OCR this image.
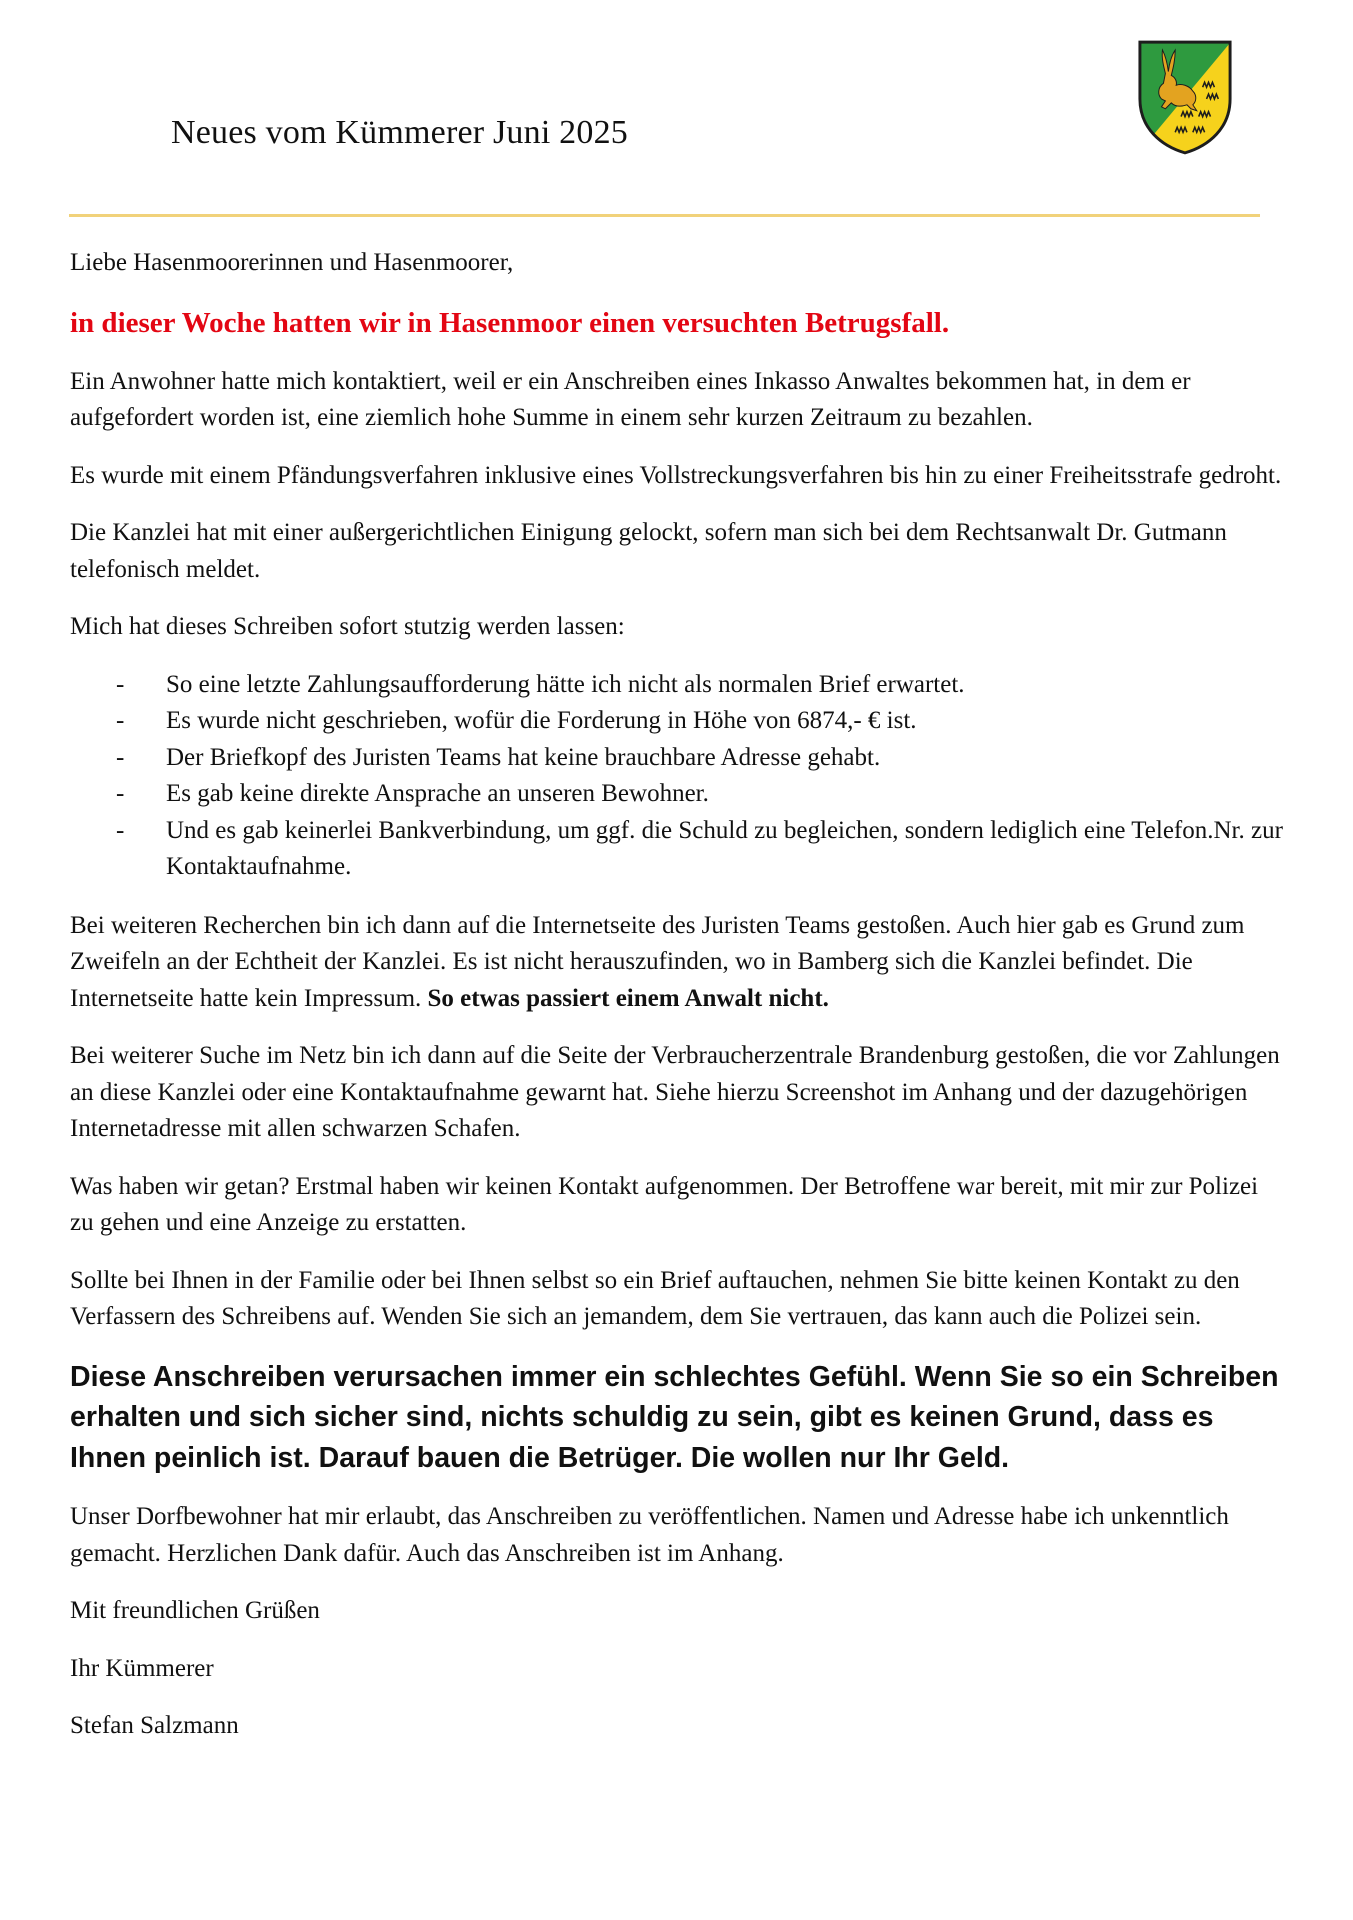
Neues vom Kümmerer Juni 2025

Liebe Hasenmoorerinnen und Hasenmoorer,

in dieser Woche hatten wir in Hasenmoor einen versuchten Betrugsfall.

Ein Anwohner hatte mich kontaktiert, weil er ein Anschreiben eines Inkasso Anwaltes bekommen hat, in dem er aufgefordert worden ist, eine ziemlich hohe Summe in einem sehr kurzen Zeitraum zu bezahlen.

Es wurde mit einem Pfändungsverfahren inklusive eines Vollstreckungsverfahren bis hin zu einer Freiheitsstrafe gedroht.

Die Kanzlei hat mit einer außergerichtlichen Einigung gelockt, sofern man sich bei dem Rechtsanwalt Dr. Gutmann telefonisch meldet.

Mich hat dieses Schreiben sofort stutzig werden lassen:

- So eine letzte Zahlungsaufforderung hätte ich nicht als normalen Brief erwartet.
- Es wurde nicht geschrieben, wofür die Forderung in Höhe von 6874,- € ist.
- Der Briefkopf des Juristen Teams hat keine brauchbare Adresse gehabt.
- Es gab keine direkte Ansprache an unseren Bewohner.
- Und es gab keinerlei Bankverbindung, um ggf. die Schuld zu begleichen, sondern lediglich eine Telefon.Nr. zur Kontaktaufnahme.

Bei weiteren Recherchen bin ich dann auf die Internetseite des Juristen Teams gestoßen. Auch hier gab es Grund zum Zweifeln an der Echtheit der Kanzlei. Es ist nicht herauszufinden, wo in Bamberg sich die Kanzlei befindet. Die Internetseite hatte kein Impressum. So etwas passiert einem Anwalt nicht.

Bei weiterer Suche im Netz bin ich dann auf die Seite der Verbraucherzentrale Brandenburg gestoßen, die vor Zahlungen an diese Kanzlei oder eine Kontaktaufnahme gewarnt hat. Siehe hierzu Screenshot im Anhang und der dazugehörigen Internetadresse mit allen schwarzen Schafen.

Was haben wir getan? Erstmal haben wir keinen Kontakt aufgenommen. Der Betroffene war bereit, mit mir zur Polizei zu gehen und eine Anzeige zu erstatten.

Sollte bei Ihnen in der Familie oder bei Ihnen selbst so ein Brief auftauchen, nehmen Sie bitte keinen Kontakt zu den Verfassern des Schreibens auf. Wenden Sie sich an jemandem, dem Sie vertrauen, das kann auch die Polizei sein.

Diese Anschreiben verursachen immer ein schlechtes Gefühl. Wenn Sie so ein Schreiben erhalten und sich sicher sind, nichts schuldig zu sein, gibt es keinen Grund, dass es Ihnen peinlich ist. Darauf bauen die Betrüger. Die wollen nur Ihr Geld.

Unser Dorfbewohner hat mir erlaubt, das Anschreiben zu veröffentlichen. Namen und Adresse habe ich unkenntlich gemacht. Herzlichen Dank dafür. Auch das Anschreiben ist im Anhang.

Mit freundlichen Grüßen

Ihr Kümmerer

Stefan Salzmann
